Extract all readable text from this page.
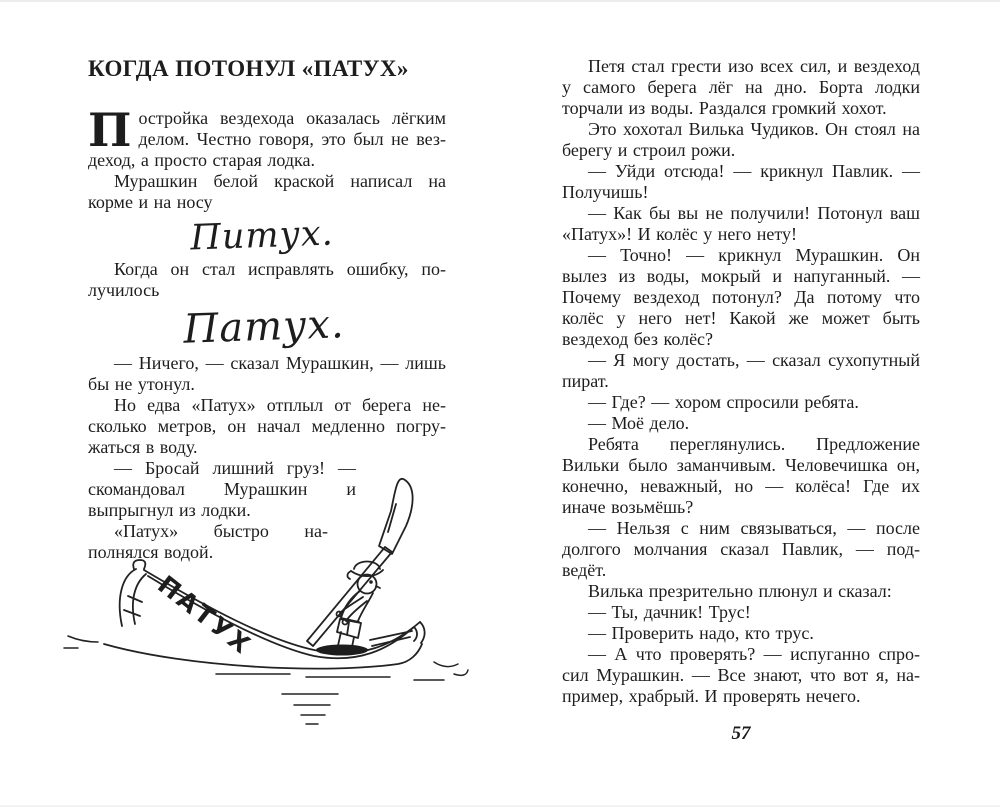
КОГДА ПОТОНУЛ «ПАТУХ»

Постройка вездехода оказалась лёгким делом. Честно говоря, это был не вездеход, а просто старая лодка.

Мурашкин белой краской написал на корме и на носу

Питух.

Когда он стал исправлять ошибку, получилось

Патух.

— Ничего, — сказал Мурашкин, — лишь бы не утонул.

Но едва «Патух» отплыл от берега несколько метров, он начал медленно погружаться в воду.

— Бросай лишний груз! — скомандовал Мурашкин и выпрыгнул из лодки.

«Патух» быстро наполнялся водой.

ПАТУХ

Петя стал грести изо всех сил, и вездеход у самого берега лёг на дно. Борта лодки торчали из воды. Раздался громкий хохот.

Это хохотал Вилька Чудиков. Он стоял на берегу и строил рожи.

— Уйди отсюда! — крикнул Павлик. — Получишь!

— Как бы вы не получили! Потонул ваш «Патух»! И колёс у него нету!

— Точно! — крикнул Мурашкин. Он вылез из воды, мокрый и напуганный. — Почему вездеход потонул? Да потому что колёс у него нет! Какой же может быть вездеход без колёс?

— Я могу достать, — сказал сухопутный пират.

— Где? — хором спросили ребята.

— Моё дело.

Ребята переглянулись. Предложение Вильки было заманчивым. Человечишка он, конечно, неважный, но — колёса! Где их иначе возьмёшь?

— Нельзя с ним связываться, — после долгого молчания сказал Павлик, — подведёт.

Вилька презрительно плюнул и сказал:

— Ты, дачник! Трус!

— Проверить надо, кто трус.

— А что проверять? — испуганно спросил Мурашкин. — Все знают, что вот я, например, храбрый. И проверять нечего.

57
